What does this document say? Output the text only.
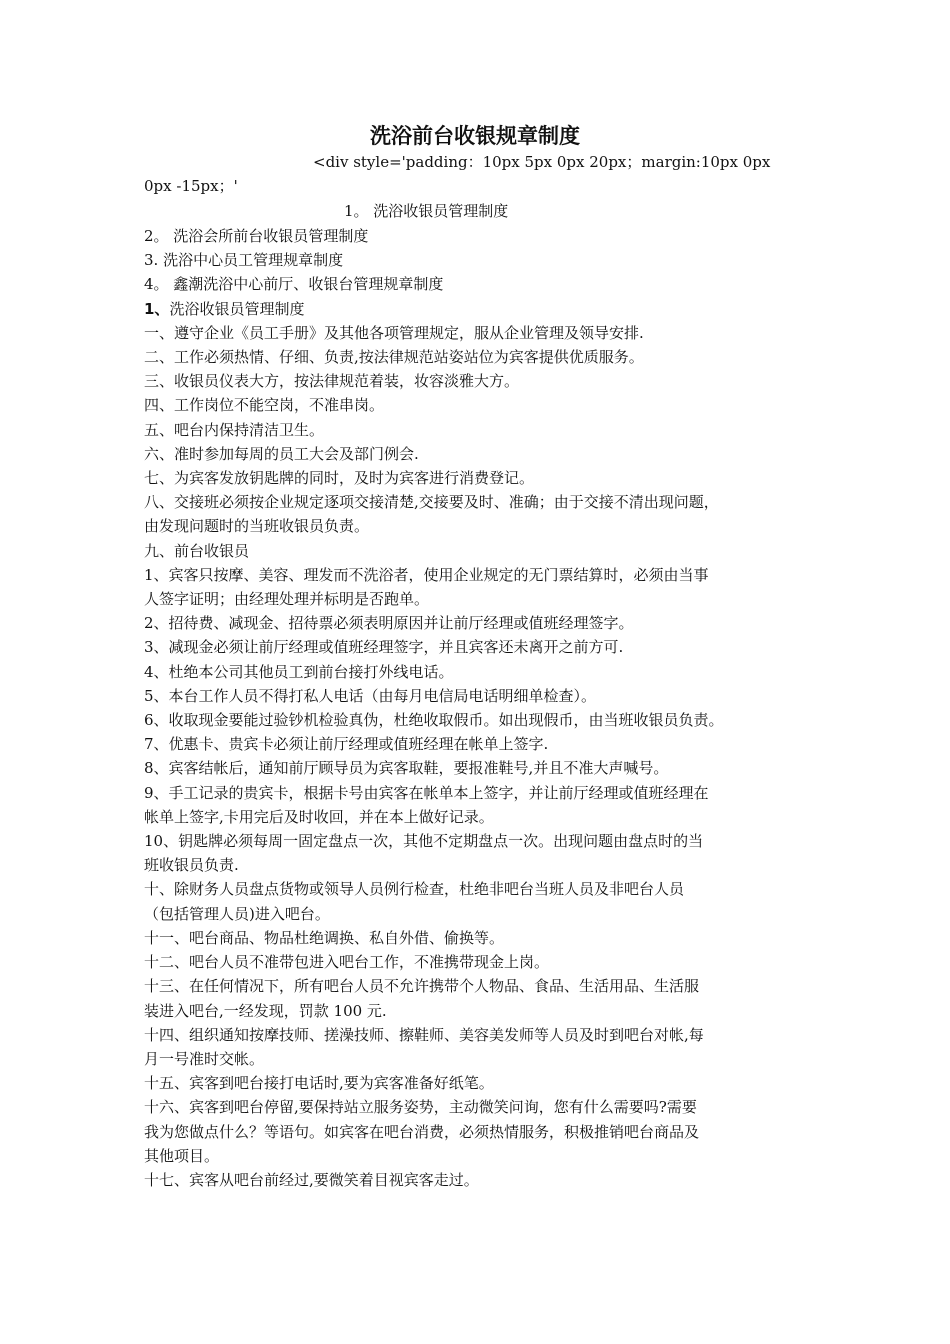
洗浴前台收银规章制度
<div style='padding：10px 5px 0px 20px；margin:10px 0px
0px -15px；'
1。 洗浴收银员管理制度

2。 洗浴会所前台收银员管理制度

3. 洗浴中心员工管理规章制度

4。 鑫潮洗浴中心前厅、收银台管理规章制度

1、洗浴收银员管理制度

一、遵守企业《员工手册》及其他各项管理规定，服从企业管理及领导安排.

二、工作必须热情、仔细、负责,按法律规范站姿站位为宾客提供优质服务。

三、收银员仪表大方，按法律规范着装，妆容淡雅大方。

四、工作岗位不能空岗，不准串岗。

五、吧台内保持清洁卫生。

六、准时参加每周的员工大会及部门例会.

七、为宾客发放钥匙牌的同时，及时为宾客进行消费登记。

八、交接班必须按企业规定逐项交接清楚,交接要及时、准确；由于交接不清出现问题，

由发现问题时的当班收银员负责。

九、前台收银员

1、宾客只按摩、美容、理发而不洗浴者，使用企业规定的无门票结算时，必须由当事

人签字证明；由经理处理并标明是否跑单。

2、招待费、减现金、招待票必须表明原因并让前厅经理或值班经理签字。

3、减现金必须让前厅经理或值班经理签字，并且宾客还未离开之前方可.

4、杜绝本公司其他员工到前台接打外线电话。

5、本台工作人员不得打私人电话（由每月电信局电话明细单检查）。

6、收取现金要能过验钞机检验真伪，杜绝收取假币。如出现假币，由当班收银员负责。

7、优惠卡、贵宾卡必须让前厅经理或值班经理在帐单上签字.

8、宾客结帐后，通知前厅顾导员为宾客取鞋，要报准鞋号,并且不准大声喊号。

9、手工记录的贵宾卡，根据卡号由宾客在帐单本上签字，并让前厅经理或值班经理在

帐单上签字,卡用完后及时收回，并在本上做好记录。

10、钥匙牌必须每周一固定盘点一次，其他不定期盘点一次。出现问题由盘点时的当

班收银员负责.

十、除财务人员盘点货物或领导人员例行检查，杜绝非吧台当班人员及非吧台人员

（包括管理人员)进入吧台。

十一、吧台商品、物品杜绝调换、私自外借、偷换等。

十二、吧台人员不准带包进入吧台工作，不准携带现金上岗。

十三、在任何情况下，所有吧台人员不允许携带个人物品、食品、生活用品、生活服

装进入吧台,一经发现，罚款 100 元.

十四、组织通知按摩技师、搓澡技师、擦鞋师、美容美发师等人员及时到吧台对帐,每

月一号准时交帐。

十五、宾客到吧台接打电话时,要为宾客准备好纸笔。

十六、宾客到吧台停留,要保持站立服务姿势，主动微笑问询，您有什么需要吗?需要

我为您做点什么？等语句。如宾客在吧台消费，必须热情服务，积极推销吧台商品及

其他项目。

十七、宾客从吧台前经过,要微笑着目视宾客走过。
